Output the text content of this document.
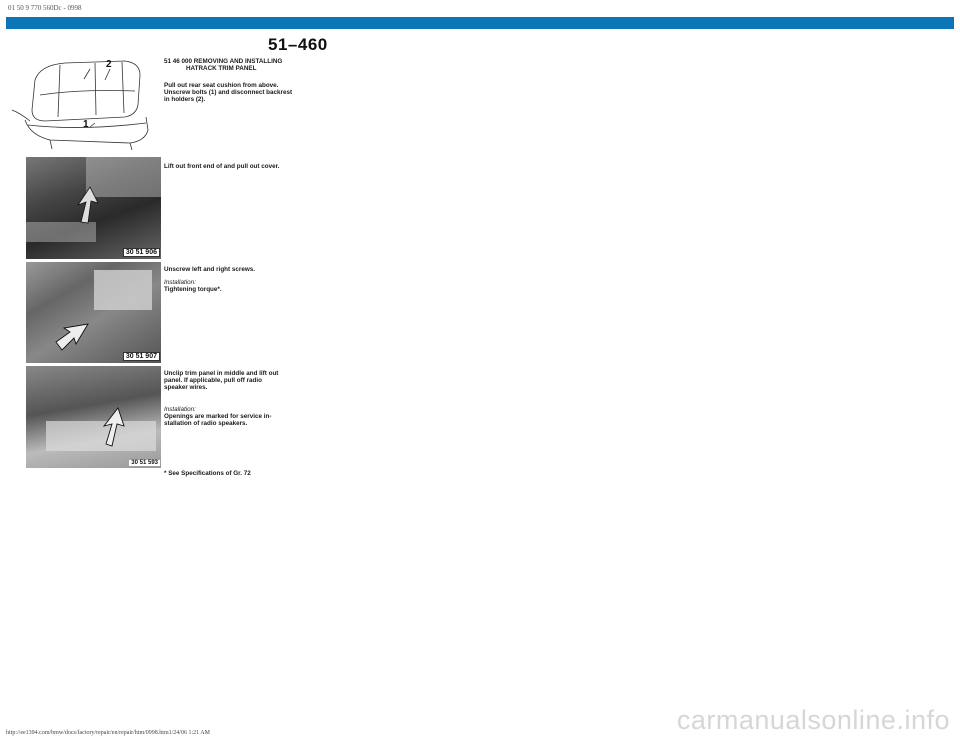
01 50 9 770 560Dc - 0998
51–460
1
2
30 51 906
30 51 907
30 51 593
51 46 000 REMOVING AND INSTALLING
HATRACK TRIM PANEL
Pull out rear seat cushion from above. Unscrew bolts (1) and disconnect backrest in holders (2).
Lift out front end of and pull out cover.
Unscrew left and right screws.
Installation:
Tightening torque*.
Unclip trim panel in middle and lift out panel. If applicable, pull off radio speaker wires.
Installation:
Openings are marked for service in-stallation of radio speakers.
* See Specifications of Gr. 72
http://ee1394.com/bmw/docs/factory/repair/en/repair/htm/0998.htm1/24/06 1:21 AM	carmanualsonline.info
